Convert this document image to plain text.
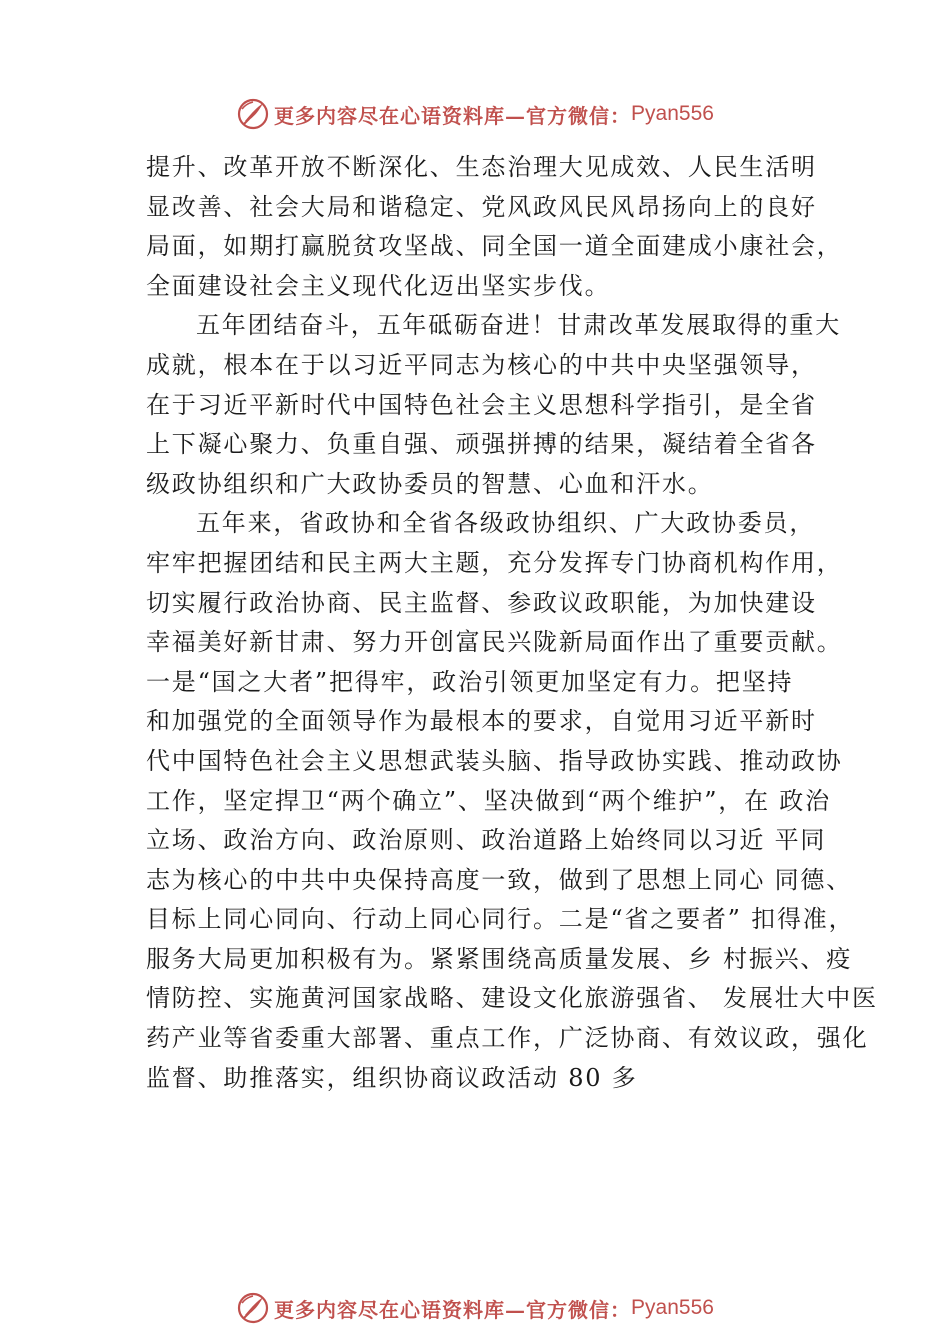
更多内容尽在心语资料库—官方微信： Pyan556
提升、改革开放不断深化、生态治理大见成效、人民生活明
显改善、社会大局和谐稳定、党风政风民风昂扬向上的良好
局面，如期打赢脱贫攻坚战、同全国一道全面建成小康社会，
全面建设社会主义现代化迈出坚实步伐。
五年团结奋斗，五年砥砺奋进！甘肃改革发展取得的重大
成就，根本在于以习近平同志为核心的中共中央坚强领导，
在于习近平新时代中国特色社会主义思想科学指引，是全省
上下凝心聚力、负重自强、顽强拼搏的结果，凝结着全省各
级政协组织和广大政协委员的智慧、心血和汗水。
五年来，省政协和全省各级政协组织、广大政协委员，
牢牢把握团结和民主两大主题，充分发挥专门协商机构作用，
切实履行政治协商、民主监督、参政议政职能，为加快建设
幸福美好新甘肃、努力开创富民兴陇新局面作出了重要贡献。
一是“国之大者”把得牢，政治引领更加坚定有力。把坚持
和加强党的全面领导作为最根本的要求，自觉用习近平新时
代中国特色社会主义思想武装头脑、指导政协实践、推动政协
工作，坚定捍卫“两个确立”、坚决做到“两个维护”，在 政治
立场、政治方向、政治原则、政治道路上始终同以习近 平同
志为核心的中共中央保持高度一致，做到了思想上同心 同德、
目标上同心同向、行动上同心同行。二是“省之要者” 扣得准，
服务大局更加积极有为。紧紧围绕高质量发展、乡 村振兴、疫
情防控、实施黄河国家战略、建设文化旅游强省、 发展壮大中医
药产业等省委重大部署、重点工作，广泛协商、有效议政，强化
监督、助推落实，组织协商议政活动 80 多
更多内容尽在心语资料库—官方微信： Pyan556
